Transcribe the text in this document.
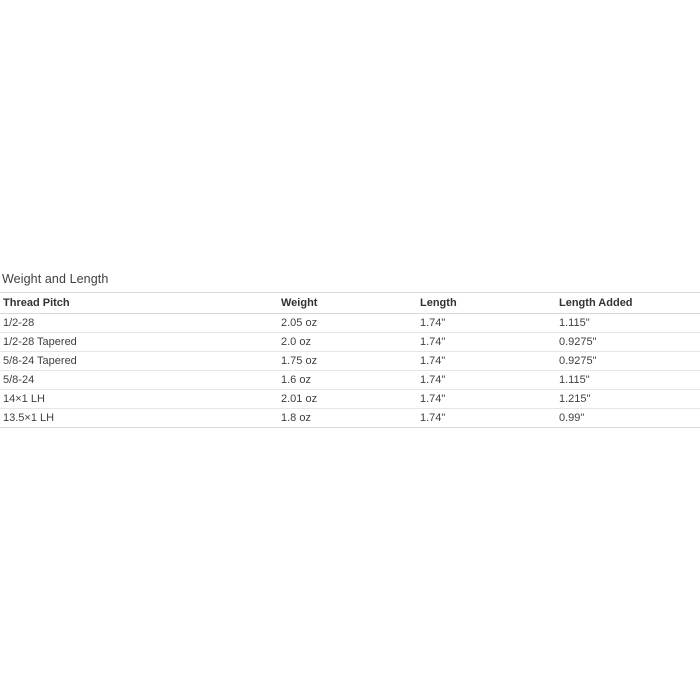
Weight and Length
Thread Pitch	Weight	Length	Length Added
1/2-28	2.05 oz	1.74"	1.115"
1/2-28 Tapered	2.0 oz	1.74"	0.9275"
5/8-24 Tapered	1.75 oz	1.74"	0.9275"
5/8-24	1.6 oz	1.74"	1.115"
14×1 LH	2.01 oz	1.74"	1.215"
13.5×1 LH	1.8 oz	1.74"	0.99"
